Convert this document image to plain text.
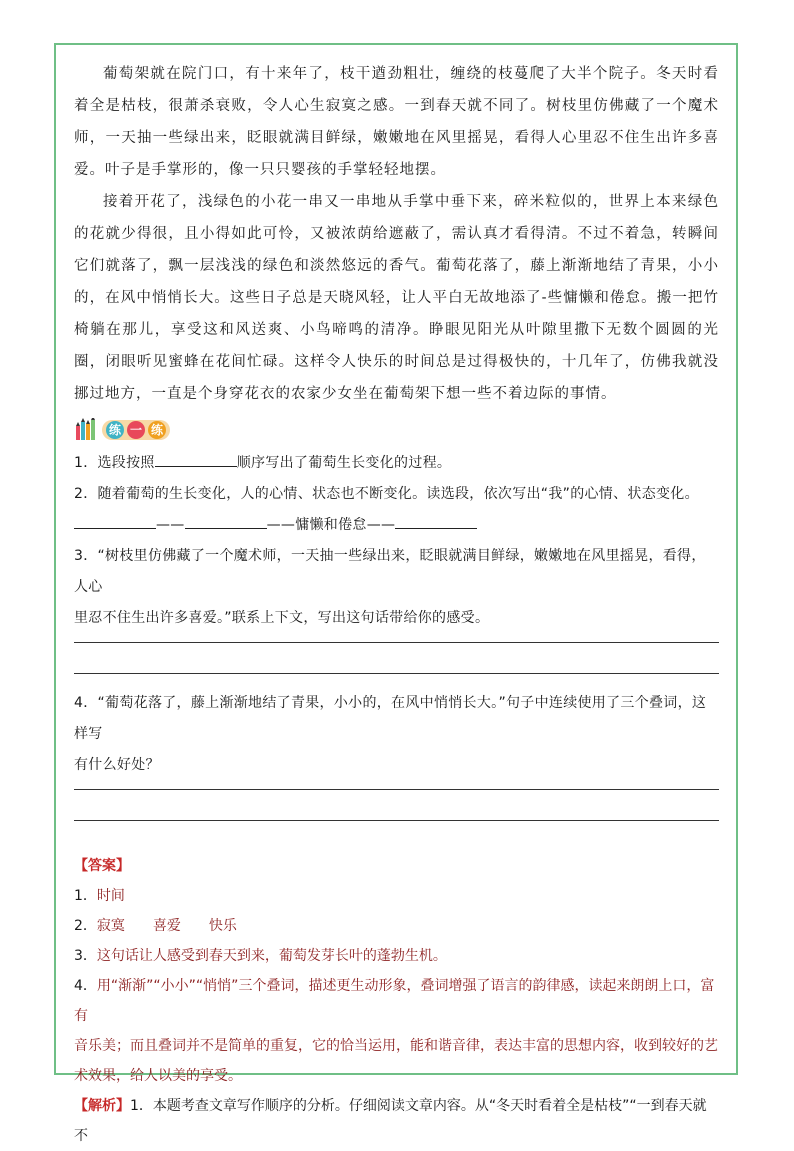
葡萄架就在院门口，有十来年了，枝干遒劲粗壮，缠绕的枝蔓爬了大半个院子。冬天时看着全是枯枝，很萧杀衰败，令人心生寂寞之感。一到春天就不同了。树枝里仿佛藏了一个魔术师，一天抽一些绿出来，眨眼就满目鲜绿，嫩嫩地在风里摇晃，看得人心里忍不住生出许多喜爱。叶子是手掌形的，像一只只婴孩的手掌轻轻地摆。

接着开花了，浅绿色的小花一串又一串地从手掌中垂下来，碎米粒似的，世界上本来绿色的花就少得很，且小得如此可怜，又被浓荫给遮蔽了，需认真才看得清。不过不着急，转瞬间它们就落了，飘一层浅浅的绿色和淡然悠远的香气。葡萄花落了，藤上渐渐地结了青果，小小的，在风中悄悄长大。这些日子总是天晓风轻，让人平白无故地添了-些慵懒和倦怠。搬一把竹椅躺在那儿，享受这和风送爽、小鸟啼鸣的清净。睁眼见阳光从叶隙里撒下无数个圆圆的光圈，闭眼听见蜜蜂在花间忙碌。这样令人快乐的时间总是过得极快的，十几年了，仿佛我就没挪过地方，一直是个身穿花衣的农家少女坐在葡萄架下想一些不着边际的事情。

练 一 练

1．选段按照	顺序写出了葡萄生长变化的过程。

2．随着葡萄的生长变化，人的心情、状态也不断变化。读选段，依次写出“我”的心情、状态变化。

——	——慵懒和倦怠——

3．“树枝里仿佛藏了一个魔术师，一天抽一些绿出来，眨眼就满目鲜绿，嫩嫩地在风里摇晃，看得，人心

里忍不住生出许多喜爱。”联系上下文，写出这句话带给你的感受。

4．“葡萄花落了，藤上渐渐地结了青果，小小的，在风中悄悄长大。”句子中连续使用了三个叠词，这样写

有什么好处？

【答案】

1．时间

2．寂寞 喜爱 快乐

3．这句话让人感受到春天到来，葡萄发芽长叶的蓬勃生机。

4．用“渐渐”“小小”“悄悄”三个叠词，描述更生动形象，叠词增强了语言的韵律感，读起来朗朗上口，富有

音乐美；而且叠词并不是简单的重复，它的恰当运用，能和谐音律，表达丰富的思想内容，收到较好的艺

术效果，给人以美的享受。

【解析】1．本题考查文章写作顺序的分析。仔细阅读文章内容。从“冬天时看着全是枯枝”“一到春天就不
